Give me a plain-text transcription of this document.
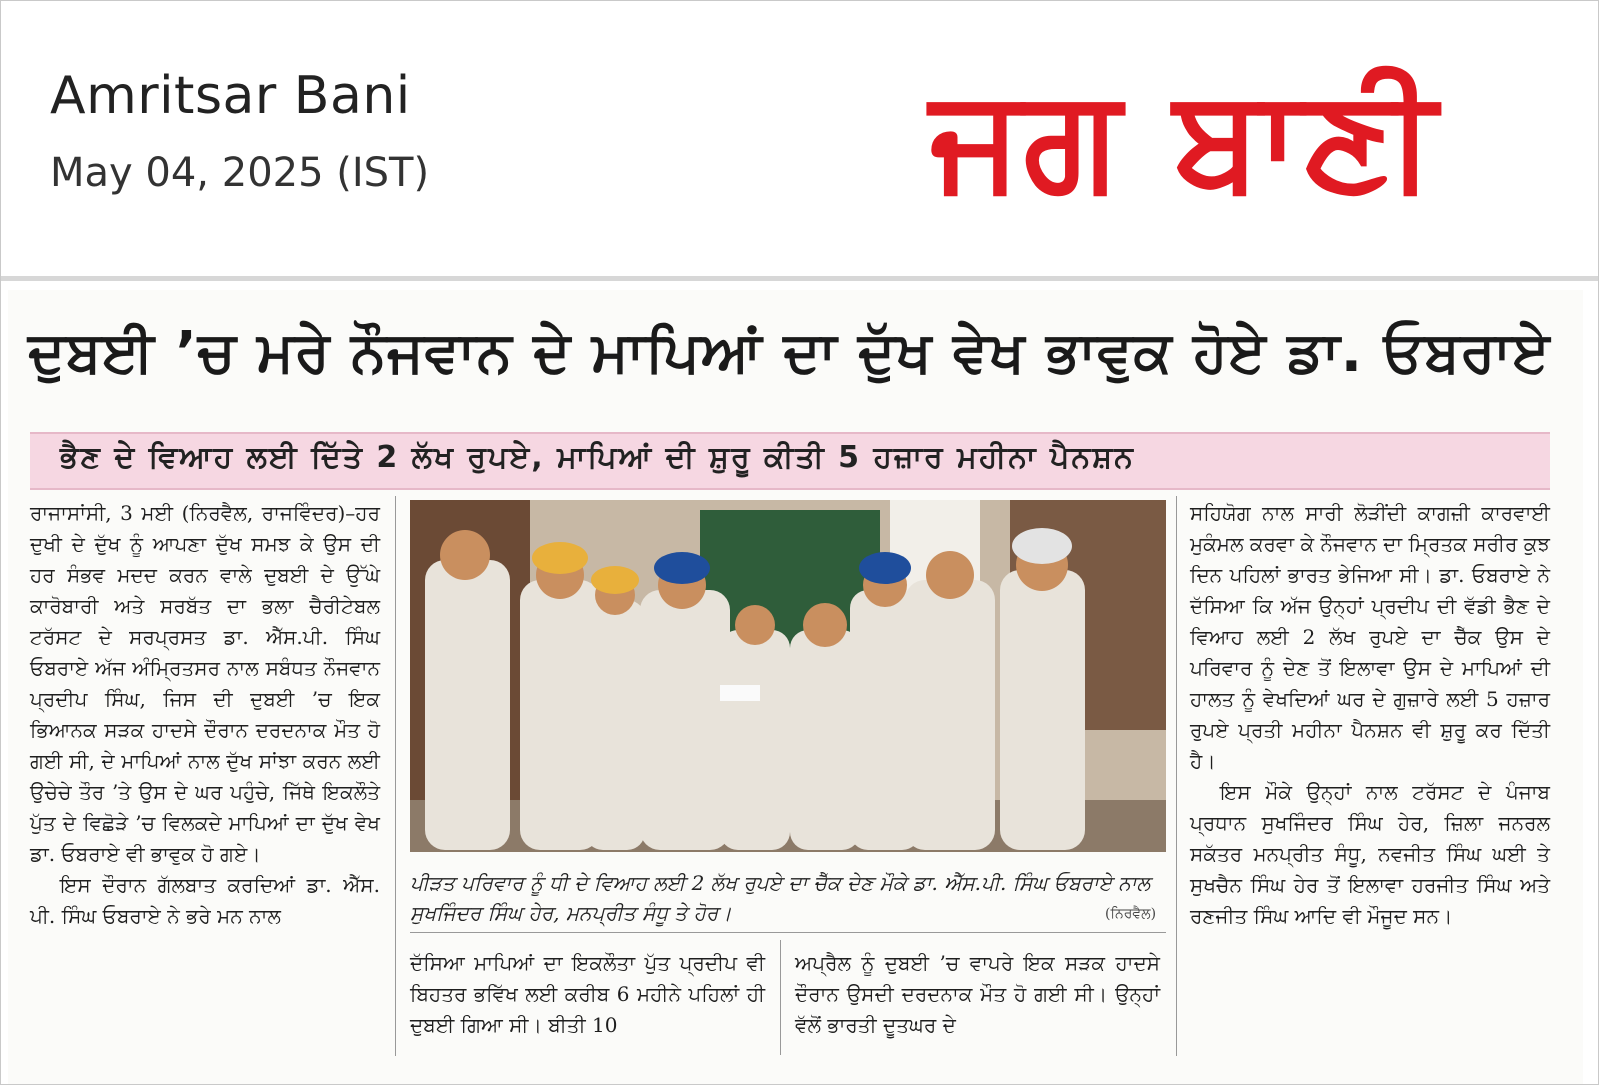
Amritsar Bani
May 04, 2025 (IST)	ਜਗ ਬਾਣੀ
ਦੁਬਈ ’ਚ ਮਰੇ ਨੌਜਵਾਨ ਦੇ ਮਾਪਿਆਂ ਦਾ ਦੁੱਖ ਵੇਖ ਭਾਵੁਕ ਹੋਏ ਡਾ. ਓਬਰਾਏ
ਭੈਣ ਦੇ ਵਿਆਹ ਲਈ ਦਿੱਤੇ 2 ਲੱਖ ਰੁਪਏ, ਮਾਪਿਆਂ ਦੀ ਸ਼ੁਰੂ ਕੀਤੀ 5 ਹਜ਼ਾਰ ਮਹੀਨਾ ਪੈਨਸ਼ਨ

ਰਾਜਾਸਾਂਸੀ, 3 ਮਈ (ਨਿਰਵੈਲ, ਰਾਜਵਿੰਦਰ)–ਹਰ ਦੁਖੀ ਦੇ ਦੁੱਖ ਨੂੰ ਆਪਣਾ ਦੁੱਖ ਸਮਝ ਕੇ ਉਸ ਦੀ ਹਰ ਸੰਭਵ ਮਦਦ ਕਰਨ ਵਾਲੇ ਦੁਬਈ ਦੇ ਉੱਘੇ ਕਾਰੋਬਾਰੀ ਅਤੇ ਸਰਬੱਤ ਦਾ ਭਲਾ ਚੈਰੀਟੇਬਲ ਟਰੱਸਟ ਦੇ ਸਰਪ੍ਰਸਤ ਡਾ. ਐੱਸ.ਪੀ. ਸਿੰਘ ਓਬਰਾਏ ਅੱਜ ਅੰਮ੍ਰਿਤਸਰ ਨਾਲ ਸਬੰਧਤ ਨੌਜਵਾਨ ਪ੍ਰਦੀਪ ਸਿੰਘ, ਜਿਸ ਦੀ ਦੁਬਈ ’ਚ ਇਕ ਭਿਆਨਕ ਸੜਕ ਹਾਦਸੇ ਦੌਰਾਨ ਦਰਦਨਾਕ ਮੌਤ ਹੋ ਗਈ ਸੀ, ਦੇ ਮਾਪਿਆਂ ਨਾਲ ਦੁੱਖ ਸਾਂਝਾ ਕਰਨ ਲਈ ਉਚੇਚੇ ਤੌਰ ’ਤੇ ਉਸ ਦੇ ਘਰ ਪਹੁੰਚੇ, ਜਿੱਥੇ ਇਕਲੌਤੇ ਪੁੱਤ ਦੇ ਵਿਛੋੜੇ ’ਚ ਵਿਲਕਦੇ ਮਾਪਿਆਂ ਦਾ ਦੁੱਖ ਵੇਖ ਡਾ. ਓਬਰਾਏ ਵੀ ਭਾਵੁਕ ਹੋ ਗਏ।

ਇਸ ਦੌਰਾਨ ਗੱਲਬਾਤ ਕਰਦਿਆਂ ਡਾ. ਐੱਸ. ਪੀ. ਸਿੰਘ ਓਬਰਾਏ ਨੇ ਭਰੇ ਮਨ ਨਾਲ

ਪੀੜਤ ਪਰਿਵਾਰ ਨੂੰ ਧੀ ਦੇ ਵਿਆਹ ਲਈ 2 ਲੱਖ ਰੁਪਏ ਦਾ ਚੈੱਕ ਦੇਣ ਮੌਕੇ ਡਾ. ਐੱਸ.ਪੀ. ਸਿੰਘ ਓਬਰਾਏ ਨਾਲ ਸੁਖਜਿੰਦਰ ਸਿੰਘ ਹੇਰ, ਮਨਪ੍ਰੀਤ ਸੰਧੂ ਤੇ ਹੋਰ।	(ਨਿਰਵੈਲ)

ਦੱਸਿਆ ਮਾਪਿਆਂ ਦਾ ਇਕਲੌਤਾ ਪੁੱਤ ਪ੍ਰਦੀਪ ਵੀ ਬਿਹਤਰ ਭਵਿੱਖ ਲਈ ਕਰੀਬ 6 ਮਹੀਨੇ ਪਹਿਲਾਂ ਹੀ ਦੁਬਈ ਗਿਆ ਸੀ। ਬੀਤੀ 10

ਅਪ੍ਰੈਲ ਨੂੰ ਦੁਬਈ ’ਚ ਵਾਪਰੇ ਇਕ ਸੜਕ ਹਾਦਸੇ ਦੌਰਾਨ ਉਸਦੀ ਦਰਦਨਾਕ ਮੌਤ ਹੋ ਗਈ ਸੀ। ਉਨ੍ਹਾਂ ਵੱਲੋਂ ਭਾਰਤੀ ਦੂਤਘਰ ਦੇ

ਸਹਿਯੋਗ ਨਾਲ ਸਾਰੀ ਲੋੜੀਂਦੀ ਕਾਗਜ਼ੀ ਕਾਰਵਾਈ ਮੁਕੰਮਲ ਕਰਵਾ ਕੇ ਨੌਜਵਾਨ ਦਾ ਮ੍ਰਿਤਕ ਸਰੀਰ ਕੁਝ ਦਿਨ ਪਹਿਲਾਂ ਭਾਰਤ ਭੇਜਿਆ ਸੀ। ਡਾ. ਓਬਰਾਏ ਨੇ ਦੱਸਿਆ ਕਿ ਅੱਜ ਉਨ੍ਹਾਂ ਪ੍ਰਦੀਪ ਦੀ ਵੱਡੀ ਭੈਣ ਦੇ ਵਿਆਹ ਲਈ 2 ਲੱਖ ਰੁਪਏ ਦਾ ਚੈੱਕ ਉਸ ਦੇ ਪਰਿਵਾਰ ਨੂੰ ਦੇਣ ਤੋਂ ਇਲਾਵਾ ਉਸ ਦੇ ਮਾਪਿਆਂ ਦੀ ਹਾਲਤ ਨੂੰ ਵੇਖਦਿਆਂ ਘਰ ਦੇ ਗੁਜ਼ਾਰੇ ਲਈ 5 ਹਜ਼ਾਰ ਰੁਪਏ ਪ੍ਰਤੀ ਮਹੀਨਾ ਪੈਨਸ਼ਨ ਵੀ ਸ਼ੁਰੂ ਕਰ ਦਿੱਤੀ ਹੈ।

ਇਸ ਮੌਕੇ ਉਨ੍ਹਾਂ ਨਾਲ ਟਰੱਸਟ ਦੇ ਪੰਜਾਬ ਪ੍ਰਧਾਨ ਸੁਖਜਿੰਦਰ ਸਿੰਘ ਹੇਰ, ਜ਼ਿਲਾ ਜਨਰਲ ਸਕੱਤਰ ਮਨਪ੍ਰੀਤ ਸੰਧੂ, ਨਵਜੀਤ ਸਿੰਘ ਘਈ ਤੇ ਸੁਖਚੈਨ ਸਿੰਘ ਹੇਰ ਤੋਂ ਇਲਾਵਾ ਹਰਜੀਤ ਸਿੰਘ ਅਤੇ ਰਣਜੀਤ ਸਿੰਘ ਆਦਿ ਵੀ ਮੌਜੂਦ ਸਨ।
